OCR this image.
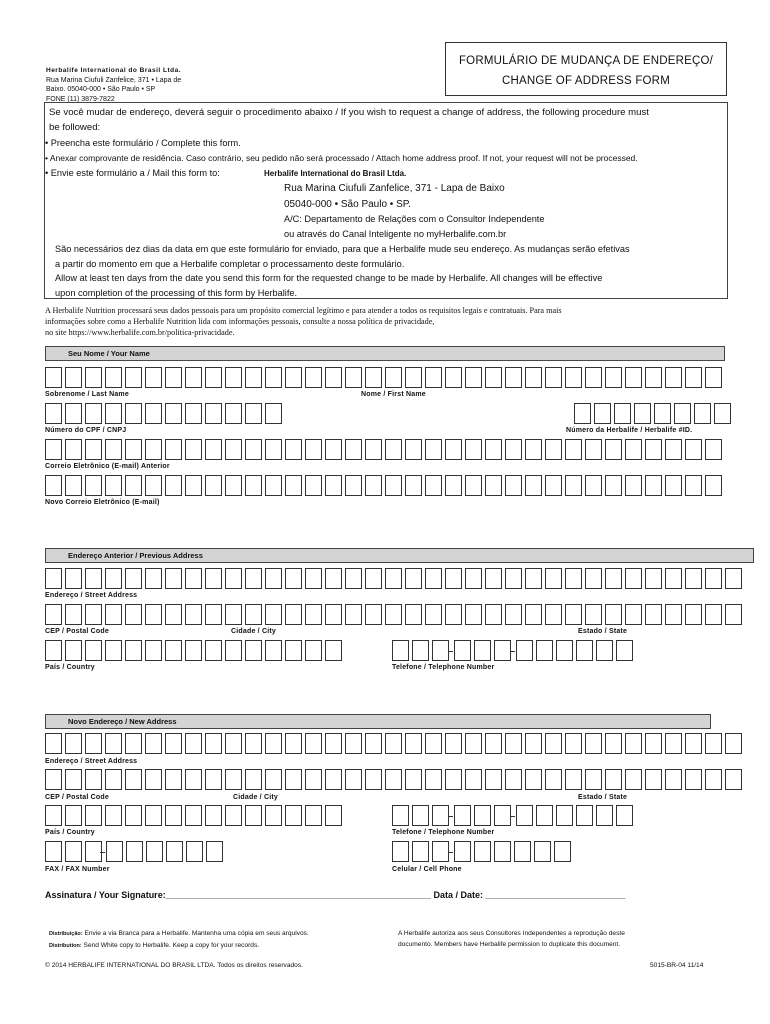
Herbalife International do Brasil Ltda.
Rua Marina Ciufuli Zanfelice, 371 • Lapa de
Baixo. 05040-000 • São Paulo • SP
FONE (11) 3879-7822
FORMULÁRIO DE MUDANÇA DE ENDEREÇO/
CHANGE OF ADDRESS FORM
Se você mudar de endereço, deverá seguir o procedimento abaixo / If you wish to request a change of address, the following procedure must
be followed:
• Preencha este formulário / Complete this form.
• Anexar comprovante de residência. Caso contrário, seu pedido não será processado / Attach home address proof. If not, your request will not be processed.
• Envie este formulário a / Mail this form to:	Herbalife International do Brasil Ltda.
Rua Marina Ciufuli Zanfelice, 371 - Lapa de Baixo
05040-000 • São Paulo • SP.
A/C: Departamento de Relações com o Consultor Independente
ou através do Canal Inteligente no myHerbalife.com.br
São necessários dez dias da data em que este formulário for enviado, para que a Herbalife mude seu endereço. As mudanças serão efetivas
a partir do momento em que a Herbalife completar o processamento deste formulário.
Allow at least ten days from the date you send this form for the requested change to be made by Herbalife. All changes will be effective
upon completion of the processing of this form by Herbalife.
A Herbalife Nutrition processará seus dados pessoais para um propósito comercial legítimo e para atender a todos os requisitos legais e contratuais. Para mais
informações sobre como a Herbalife Nutrition lida com informações pessoais, consulte a nossa política de privacidade,
no site https://www.herbalife.com.br/politica-privacidade.
Seu Nome / Your Name
Endereço Anterior / Previous Address
Novo Endereço / New Address
Sobrenome / Last Name	Nome / First Name
Número do CPF / CNPJ	Número da Herbalife / Herbalife #ID.
Correio Eletrônico (E-mail) Anterior
Novo Correio Eletrônico (E-mail)
Endereço / Street Address
CEP / Postal Code	Cidade / City	Estado / State
País / Country	Telefone / Telephone Number
Endereço / Street Address
CEP / Postal Code	Cidade / City	Estado / State
País / Country	Telefone / Telephone Number
FAX / FAX Number	Celular / Cell Phone
Assinatura / Your Signature:_____________________________________________________ Data / Date: ____________________________
Distribuição: Envie a via Branca para a Herbalife. Mantenha uma cópia em seus arquivos.
Distribution: Send White copy to Herbalife. Keep a copy for your records.
A Herbalife autoriza aos seus Consultores Independentes a reprodução deste
documento. Members have Herbalife permission to duplicate this document.
© 2014 HERBALIFE INTERNATIONAL DO BRASIL LTDA. Todos os direitos reservados.	5015-BR-04 11/14
